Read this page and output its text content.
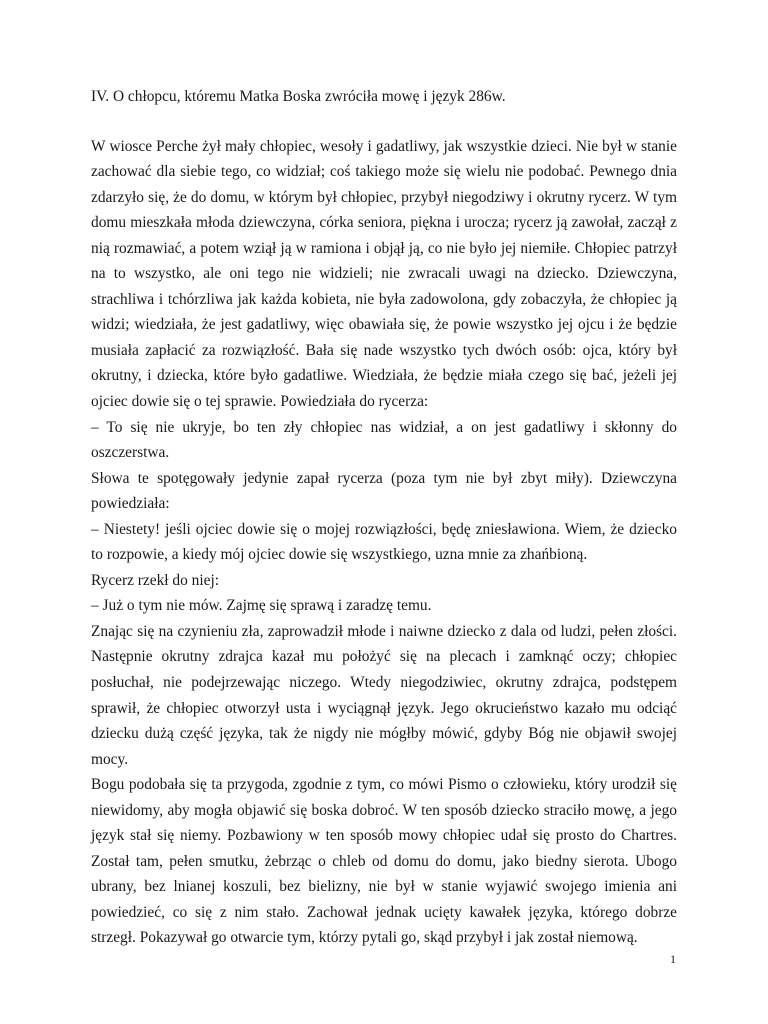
IV. O chłopcu, któremu Matka Boska zwróciła mowę i język 286w.

W wiosce Perche żył mały chłopiec, wesoły i gadatliwy, jak wszystkie dzieci. Nie był w stanie zachować dla siebie tego, co widział; coś takiego może się wielu nie podobać. Pewnego dnia zdarzyło się, że do domu, w którym był chłopiec, przybył niegodziwy i okrutny rycerz. W tym domu mieszkała młoda dziewczyna, córka seniora, piękna i urocza; rycerz ją zawołał, zaczął z nią rozmawiać, a potem wziął ją w ramiona i objął ją, co nie było jej niemiłe. Chłopiec patrzył na to wszystko, ale oni tego nie widzieli; nie zwracali uwagi na dziecko. Dziewczyna, strachliwa i tchórzliwa jak każda kobieta, nie była zadowolona, gdy zobaczyła, że chłopiec ją widzi; wiedziała, że jest gadatliwy, więc obawiała się, że powie wszystko jej ojcu i że będzie musiała zapłacić za rozwiązłość. Bała się nade wszystko tych dwóch osób: ojca, który był okrutny, i dziecka, które było gadatliwe. Wiedziała, że będzie miała czego się bać, jeżeli jej ojciec dowie się o tej sprawie. Powiedziała do rycerza:

– To się nie ukryje, bo ten zły chłopiec nas widział, a on jest gadatliwy i skłonny do oszczerstwa.

Słowa te spotęgowały jedynie zapał rycerza (poza tym nie był zbyt miły). Dziewczyna powiedziała:

– Niestety! jeśli ojciec dowie się o mojej rozwiązłości, będę zniesławiona. Wiem, że dziecko to rozpowie, a kiedy mój ojciec dowie się wszystkiego, uzna mnie za zhańbioną.

Rycerz rzekł do niej:

– Już o tym nie mów. Zajmę się sprawą i zaradzę temu.

Znając się na czynieniu zła, zaprowadził młode i naiwne dziecko z dala od ludzi, pełen złości. Następnie okrutny zdrajca kazał mu położyć się na plecach i zamknąć oczy; chłopiec posłuchał, nie podejrzewając niczego. Wtedy niegodziwiec, okrutny zdrajca, podstępem sprawił, że chłopiec otworzył usta i wyciągnął język. Jego okrucieństwo kazało mu odciąć dziecku dużą część języka, tak że nigdy nie mógłby mówić, gdyby Bóg nie objawił swojej mocy.

Bogu podobała się ta przygoda, zgodnie z tym, co mówi Pismo o człowieku, który urodził się niewidomy, aby mogła objawić się boska dobroć. W ten sposób dziecko straciło mowę, a jego język stał się niemy. Pozbawiony w ten sposób mowy chłopiec udał się prosto do Chartres. Został tam, pełen smutku, żebrząc o chleb od domu do domu, jako biedny sierota. Ubogo ubrany, bez lnianej koszuli, bez bielizny, nie był w stanie wyjawić swojego imienia ani powiedzieć, co się z nim stało. Zachował jednak ucięty kawałek języka, którego dobrze strzegł. Pokazywał go otwarcie tym, którzy pytali go, skąd przybył i jak został niemową.

1
